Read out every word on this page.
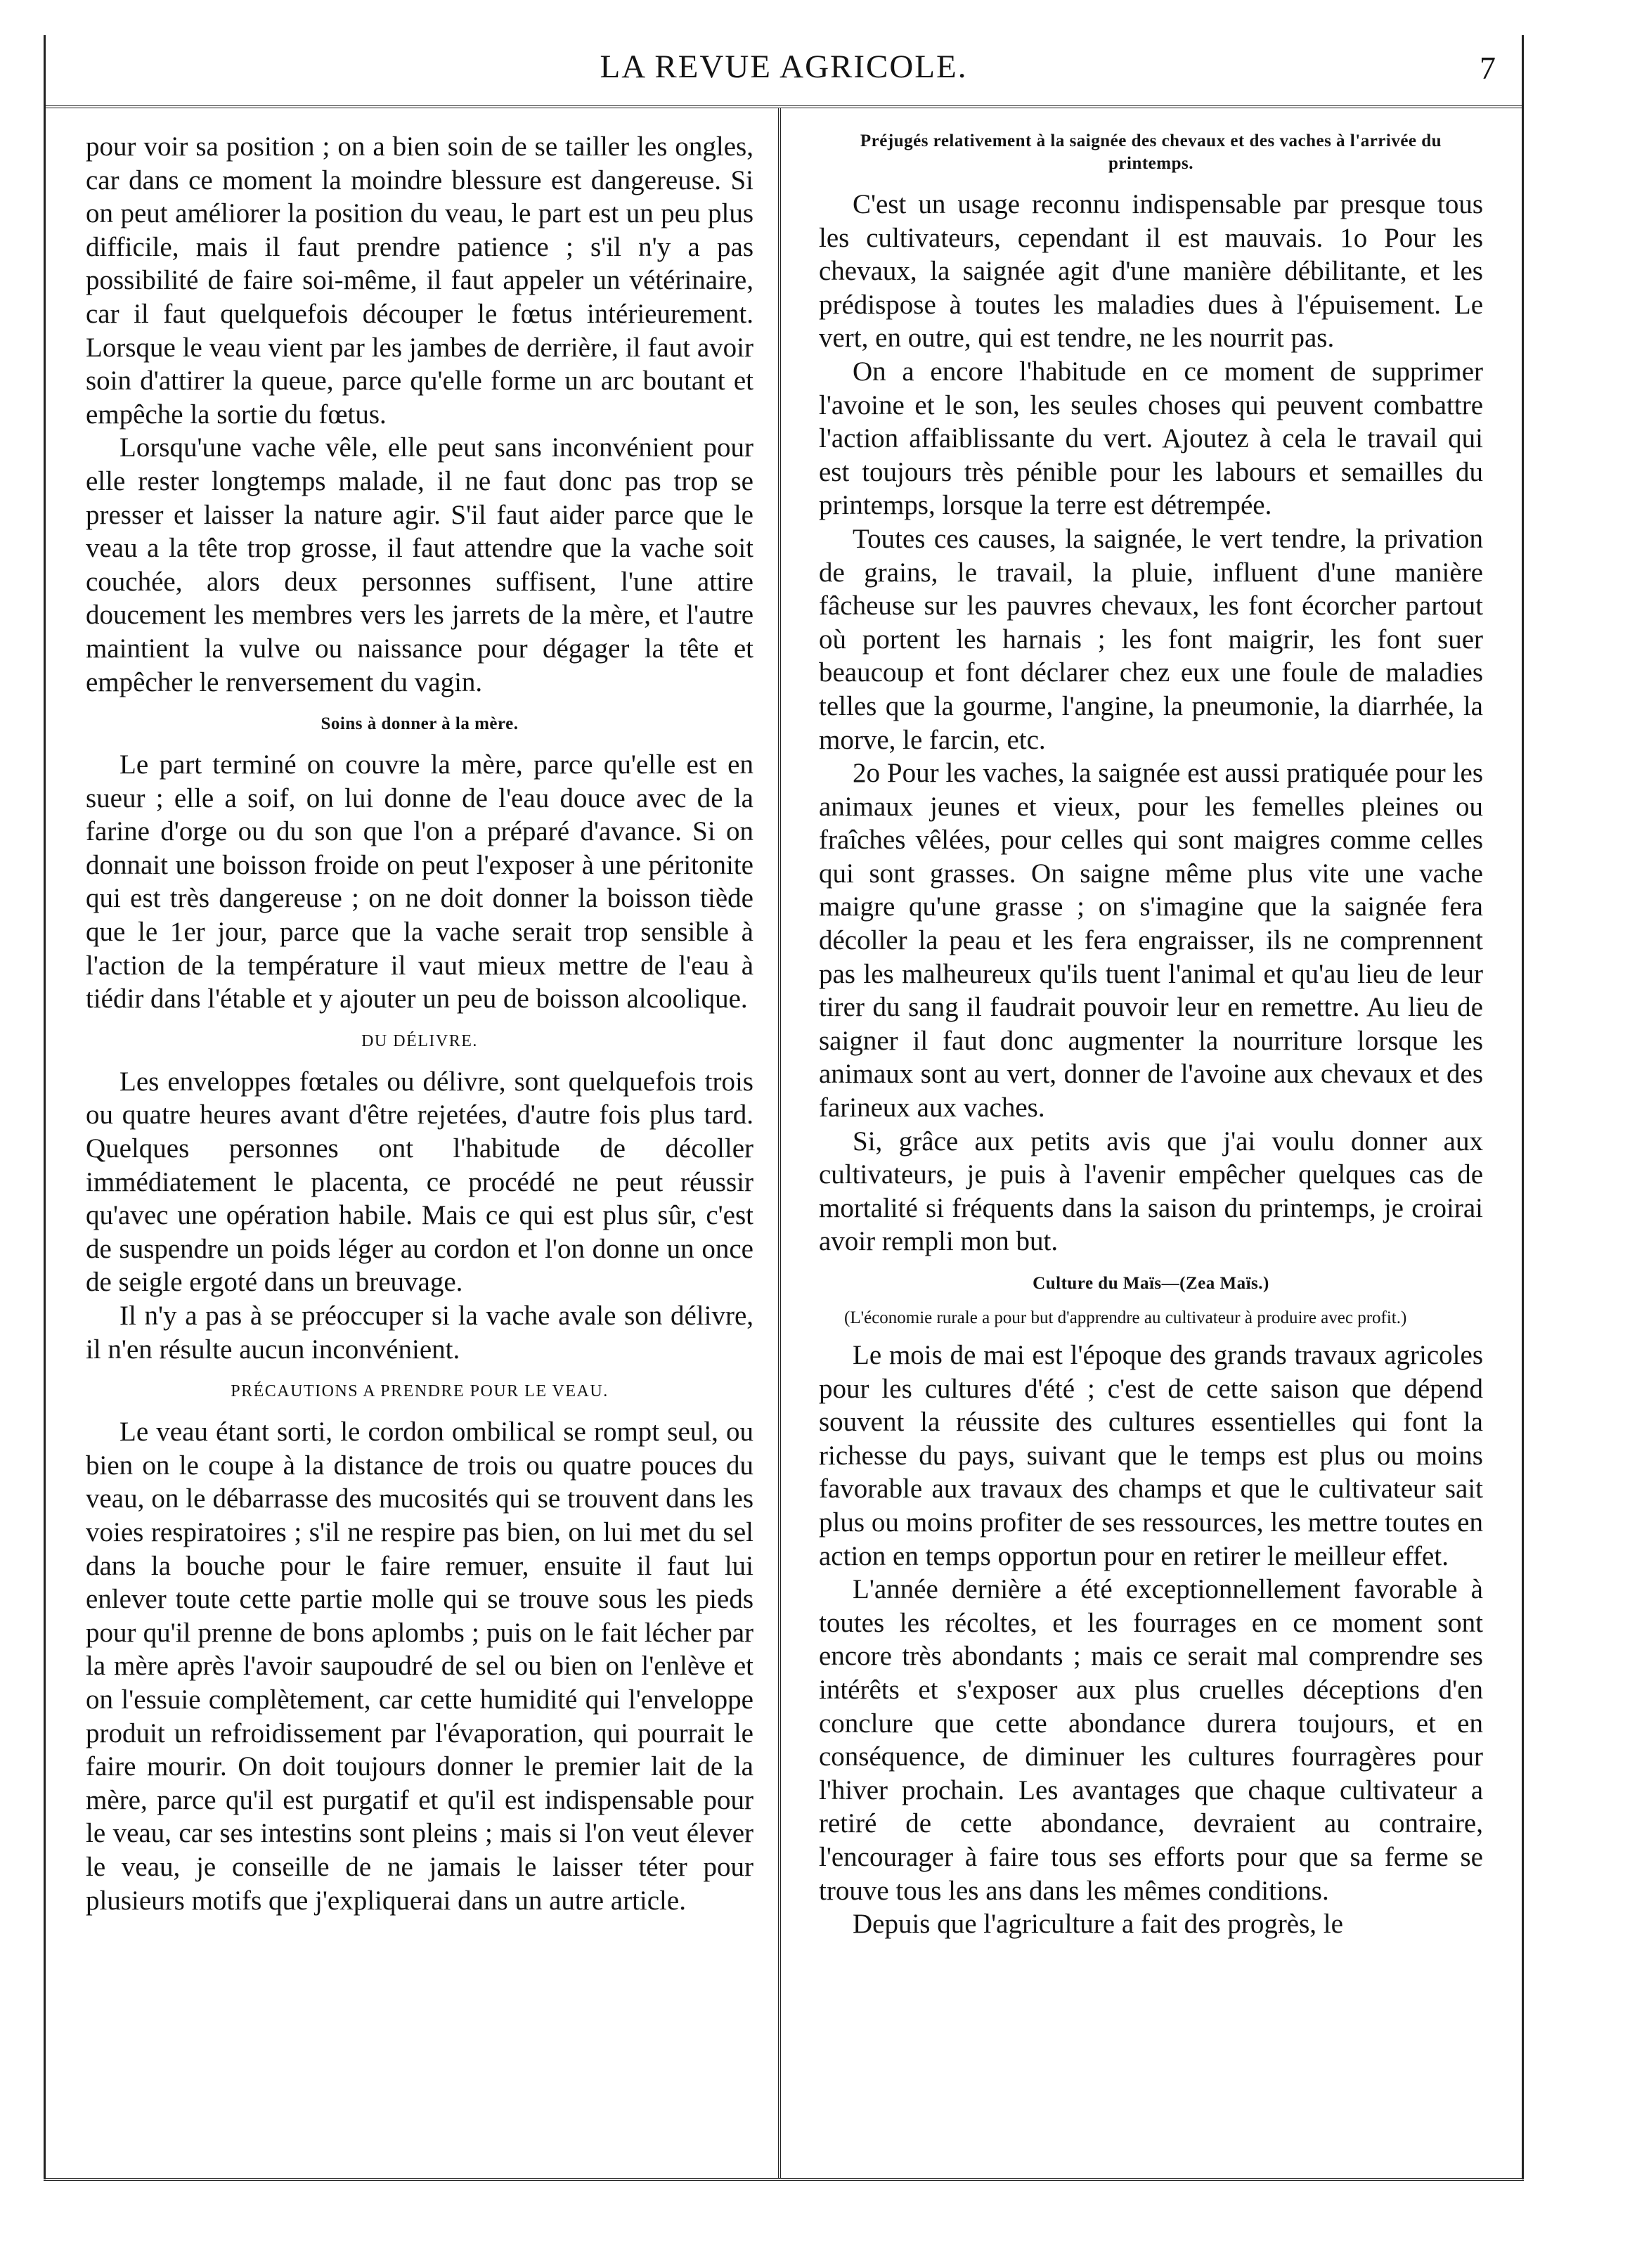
LA REVUE AGRICOLE.	7

pour voir sa position ; on a bien soin de se tailler les ongles, car dans ce moment la moindre blessure est dangereuse. Si on peut améliorer la position du veau, le part est un peu plus difficile, mais il faut prendre patience ; s'il n'y a pas possibilité de faire soi-même, il faut appeler un vétérinaire, car il faut quelquefois découper le fœtus intérieurement. Lorsque le veau vient par les jambes de derrière, il faut avoir soin d'attirer la queue, parce qu'elle forme un arc boutant et empêche la sortie du fœtus.

Lorsqu'une vache vêle, elle peut sans inconvénient pour elle rester longtemps malade, il ne faut donc pas trop se presser et laisser la nature agir. S'il faut aider parce que le veau a la tête trop grosse, il faut attendre que la vache soit couchée, alors deux personnes suffisent, l'une attire doucement les membres vers les jarrets de la mère, et l'autre maintient la vulve ou naissance pour dégager la tête et empêcher le renversement du vagin.

Soins à donner à la mère.

Le part terminé on couvre la mère, parce qu'elle est en sueur ; elle a soif, on lui donne de l'eau douce avec de la farine d'orge ou du son que l'on a préparé d'avance. Si on donnait une boisson froide on peut l'exposer à une péritonite qui est très dangereuse ; on ne doit donner la boisson tiède que le 1er jour, parce que la vache serait trop sensible à l'action de la température il vaut mieux mettre de l'eau à tiédir dans l'étable et y ajouter un peu de boisson alcoolique.

DU DÉLIVRE.

Les enveloppes fœtales ou délivre, sont quelquefois trois ou quatre heures avant d'être rejetées, d'autre fois plus tard. Quelques personnes ont l'habitude de décoller immédiatement le placenta, ce procédé ne peut réussir qu'avec une opération habile. Mais ce qui est plus sûr, c'est de suspendre un poids léger au cordon et l'on donne un once de seigle ergoté dans un breuvage.

Il n'y a pas à se préoccuper si la vache avale son délivre, il n'en résulte aucun inconvénient.

PRÉCAUTIONS A PRENDRE POUR LE VEAU.

Le veau étant sorti, le cordon ombilical se rompt seul, ou bien on le coupe à la distance de trois ou quatre pouces du veau, on le débarrasse des mucosités qui se trouvent dans les voies respiratoires ; s'il ne respire pas bien, on lui met du sel dans la bouche pour le faire remuer, ensuite il faut lui enlever toute cette partie molle qui se trouve sous les pieds pour qu'il prenne de bons aplombs ; puis on le fait lécher par la mère après l'avoir saupoudré de sel ou bien on l'enlève et on l'essuie complètement, car cette humidité qui l'enveloppe produit un refroidissement par l'évaporation, qui pourrait le faire mourir. On doit toujours donner le premier lait de la mère, parce qu'il est purgatif et qu'il est indispensable pour le veau, car ses intestins sont pleins ; mais si l'on veut élever le veau, je conseille de ne jamais le laisser téter pour plusieurs motifs que j'expliquerai dans un autre article.

Préjugés relativement à la saignée des chevaux et des vaches à l'arrivée du printemps.

C'est un usage reconnu indispensable par presque tous les cultivateurs, cependant il est mauvais. 1o Pour les chevaux, la saignée agit d'une manière débilitante, et les prédispose à toutes les maladies dues à l'épuisement. Le vert, en outre, qui est tendre, ne les nourrit pas.

On a encore l'habitude en ce moment de supprimer l'avoine et le son, les seules choses qui peuvent combattre l'action affaiblissante du vert. Ajoutez à cela le travail qui est toujours très pénible pour les labours et semailles du printemps, lorsque la terre est détrempée.

Toutes ces causes, la saignée, le vert tendre, la privation de grains, le travail, la pluie, influent d'une manière fâcheuse sur les pauvres chevaux, les font écorcher partout où portent les harnais ; les font maigrir, les font suer beaucoup et font déclarer chez eux une foule de maladies telles que la gourme, l'angine, la pneumonie, la diarrhée, la morve, le farcin, etc.

2o Pour les vaches, la saignée est aussi pratiquée pour les animaux jeunes et vieux, pour les femelles pleines ou fraîches vêlées, pour celles qui sont maigres comme celles qui sont grasses. On saigne même plus vite une vache maigre qu'une grasse ; on s'imagine que la saignée fera décoller la peau et les fera engraisser, ils ne comprennent pas les malheureux qu'ils tuent l'animal et qu'au lieu de leur tirer du sang il faudrait pouvoir leur en remettre. Au lieu de saigner il faut donc augmenter la nourriture lorsque les animaux sont au vert, donner de l'avoine aux chevaux et des farineux aux vaches.

Si, grâce aux petits avis que j'ai voulu donner aux cultivateurs, je puis à l'avenir empêcher quelques cas de mortalité si fréquents dans la saison du printemps, je croirai avoir rempli mon but.

Culture du Maïs—(Zea Maïs.)
(L'économie rurale a pour but d'apprendre au cultivateur à produire avec profit.)

Le mois de mai est l'époque des grands travaux agricoles pour les cultures d'été ; c'est de cette saison que dépend souvent la réussite des cultures essentielles qui font la richesse du pays, suivant que le temps est plus ou moins favorable aux travaux des champs et que le cultivateur sait plus ou moins profiter de ses ressources, les mettre toutes en action en temps opportun pour en retirer le meilleur effet.

L'année dernière a été exceptionnellement favorable à toutes les récoltes, et les fourrages en ce moment sont encore très abondants ; mais ce serait mal comprendre ses intérêts et s'exposer aux plus cruelles déceptions d'en conclure que cette abondance durera toujours, et en conséquence, de diminuer les cultures fourragères pour l'hiver prochain. Les avantages que chaque cultivateur a retiré de cette abondance, devraient au contraire, l'encourager à faire tous ses efforts pour que sa ferme se trouve tous les ans dans les mêmes conditions.

Depuis que l'agriculture a fait des progrès, le
